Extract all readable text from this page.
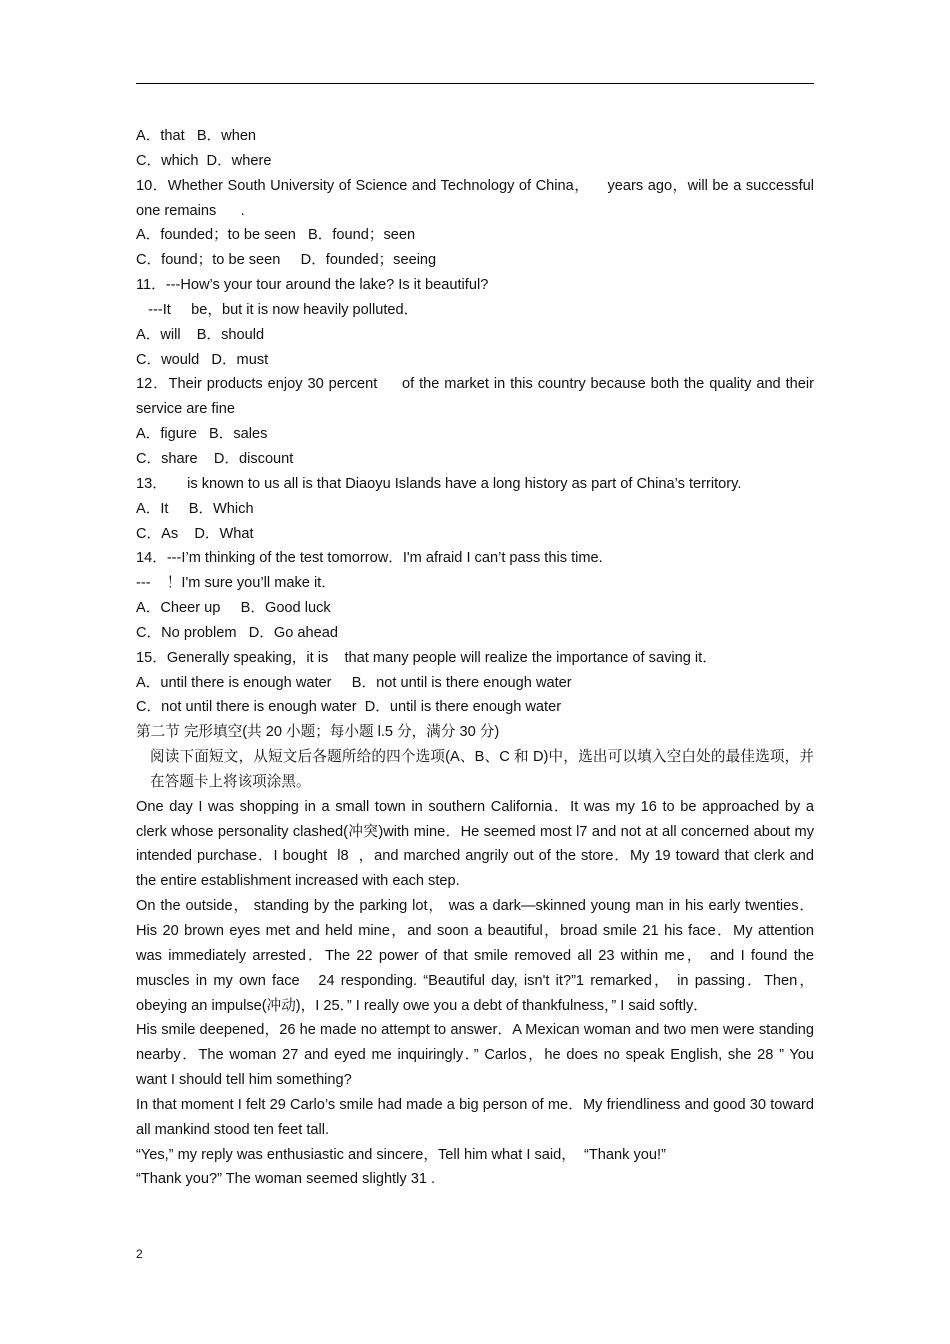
A．that   B．when

C．which  D．where

10．Whether South University of Science and Technology of China，    years ago，will be a successful one remains      .

A．founded；to be seen   B．found；seen

C．found；to be seen     D．founded；seeing

11．---How’s your tour around the lake? Is it beautiful?

---It     be，but it is now heavily polluted．

A．will    B．should

C．would   D．must

12．Their products enjoy 30 percent     of the market in this country because both the quality and their service are fine

A．figure   B．sales

C．share    D．discount

13．     is known to us all is that Diaoyu Islands have a long history as part of China’s territory.

A．It     B．Which

C．As    D．What

14．---I’m thinking of the test tomorrow．I'm afraid I can’t pass this time.

---    ！I'm sure you’ll make it．

A．Cheer up     B．Good luck

C．No problem   D．Go ahead

15．Generally speaking，it is    that many people will realize the importance of saving it．

A．until there is enough water     B．not until is there enough water

C．not until there is enough water  D．until is there enough water

第二节 完形填空(共 20 小题；每小题 l.5 分，满分 30 分)

阅读下面短文，从短文后各题所给的四个选项(A、B、C 和 D)中，选出可以填入空白处的最佳选项，并在答题卡上将该项涂黑。

One day I was shopping in a small town in southern California．It was my 16 to be approached by a clerk whose personality clashed(冲突)with mine．He seemed most l7 and not at all concerned about my intended purchase．I bought  l8  ，and marched angrily out of the store．My 19 toward that clerk and the entire establishment increased with each step.

On the outside， standing by the parking lot， was a dark—skinned young man in his early twenties．His 20 brown eyes met and held mine，and soon a beautiful，broad smile 21 his face．My attention was immediately arrested．The 22 power of that smile removed all 23 within me， and I found the muscles in my own face   24 responding. “Beautiful day, isn't it?”1 remarked， in passing．Then，obeying an impulse(冲动)，I 25．” I really owe you a debt of thankfulness，” I said softly．

His smile deepened，26 he made no attempt to answer．A Mexican woman and two men were standing nearby．The woman 27 and eyed me inquiringly．” Carlos，he does no speak English, she 28 ” You want I should tell him something?

In that moment I felt 29 Carlo’s smile had made a big person of me．My friendliness and good 30 toward all mankind stood ten feet tall.

“Yes,” my reply was enthusiastic and sincere，Tell him what I said，  “Thank you!”

“Thank you?” The woman seemed slightly 31 .

2
